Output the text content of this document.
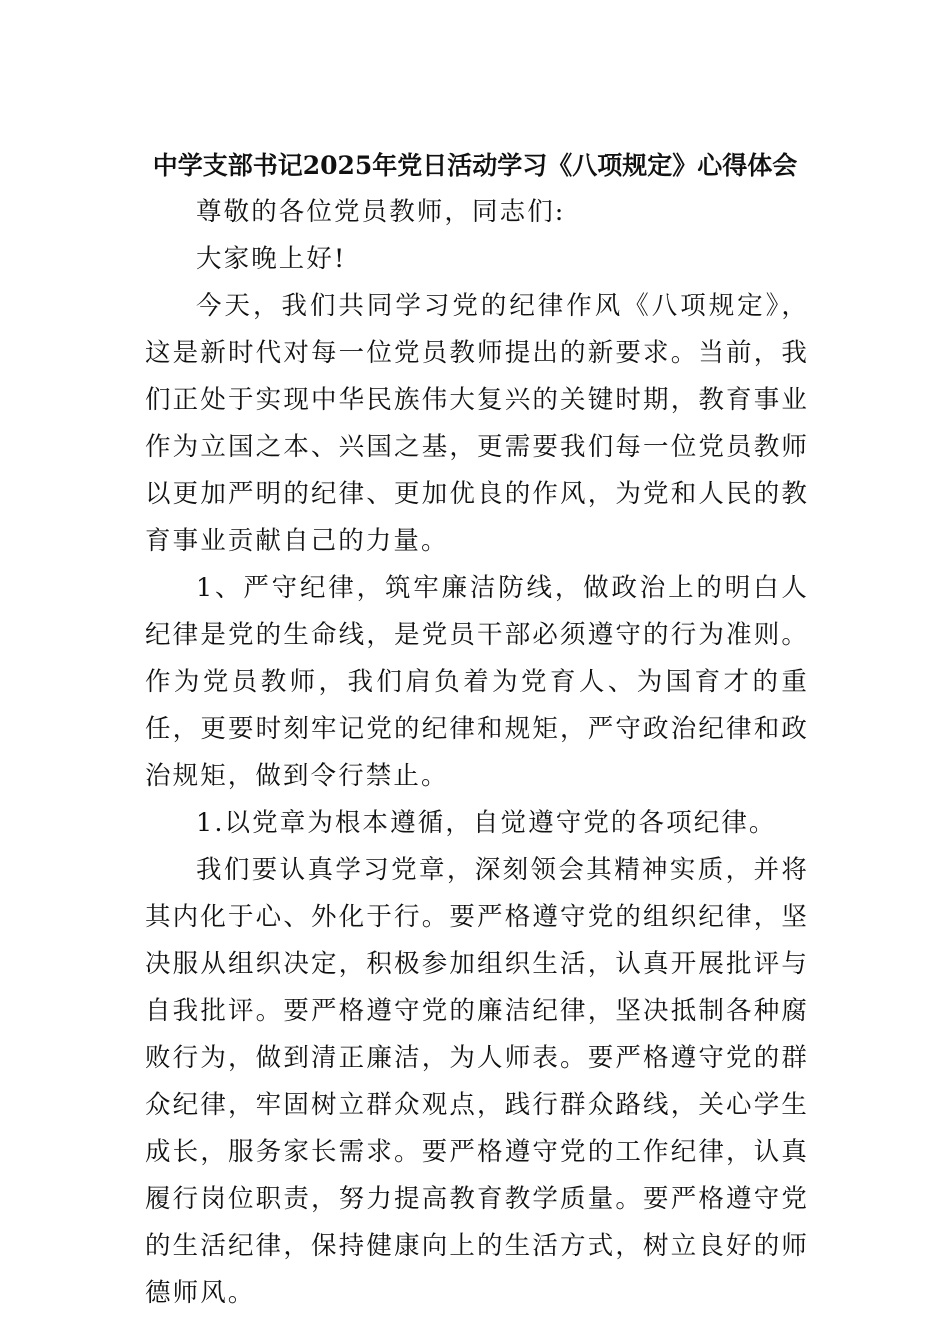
中学支部书记2025年党日活动学习《八项规定》心得体会

尊敬的各位党员教师，同志们:

大家晚上好!

今天，我们共同学习党的纪律作风《八项规定》，这是新时代对每一位党员教师提出的新要求。当前，我们正处于实现中华民族伟大复兴的关键时期，教育事业作为立国之本、兴国之基，更需要我们每一位党员教师以更加严明的纪律、更加优良的作风，为党和人民的教育事业贡献自己的力量。

1、严守纪律，筑牢廉洁防线，做政治上的明白人纪律是党的生命线，是党员干部必须遵守的行为准则。作为党员教师，我们肩负着为党育人、为国育才的重任，更要时刻牢记党的纪律和规矩，严守政治纪律和政治规矩，做到令行禁止。

1.以党章为根本遵循，自觉遵守党的各项纪律。

我们要认真学习党章，深刻领会其精神实质，并将其内化于心、外化于行。要严格遵守党的组织纪律，坚决服从组织决定，积极参加组织生活，认真开展批评与自我批评。要严格遵守党的廉洁纪律，坚决抵制各种腐败行为，做到清正廉洁，为人师表。要严格遵守党的群众纪律，牢固树立群众观点，践行群众路线，关心学生成长，服务家长需求。要严格遵守党的工作纪律，认真履行岗位职责，努力提高教育教学质量。要严格遵守党的生活纪律，保持健康向上的生活方式，树立良好的师德师风。
